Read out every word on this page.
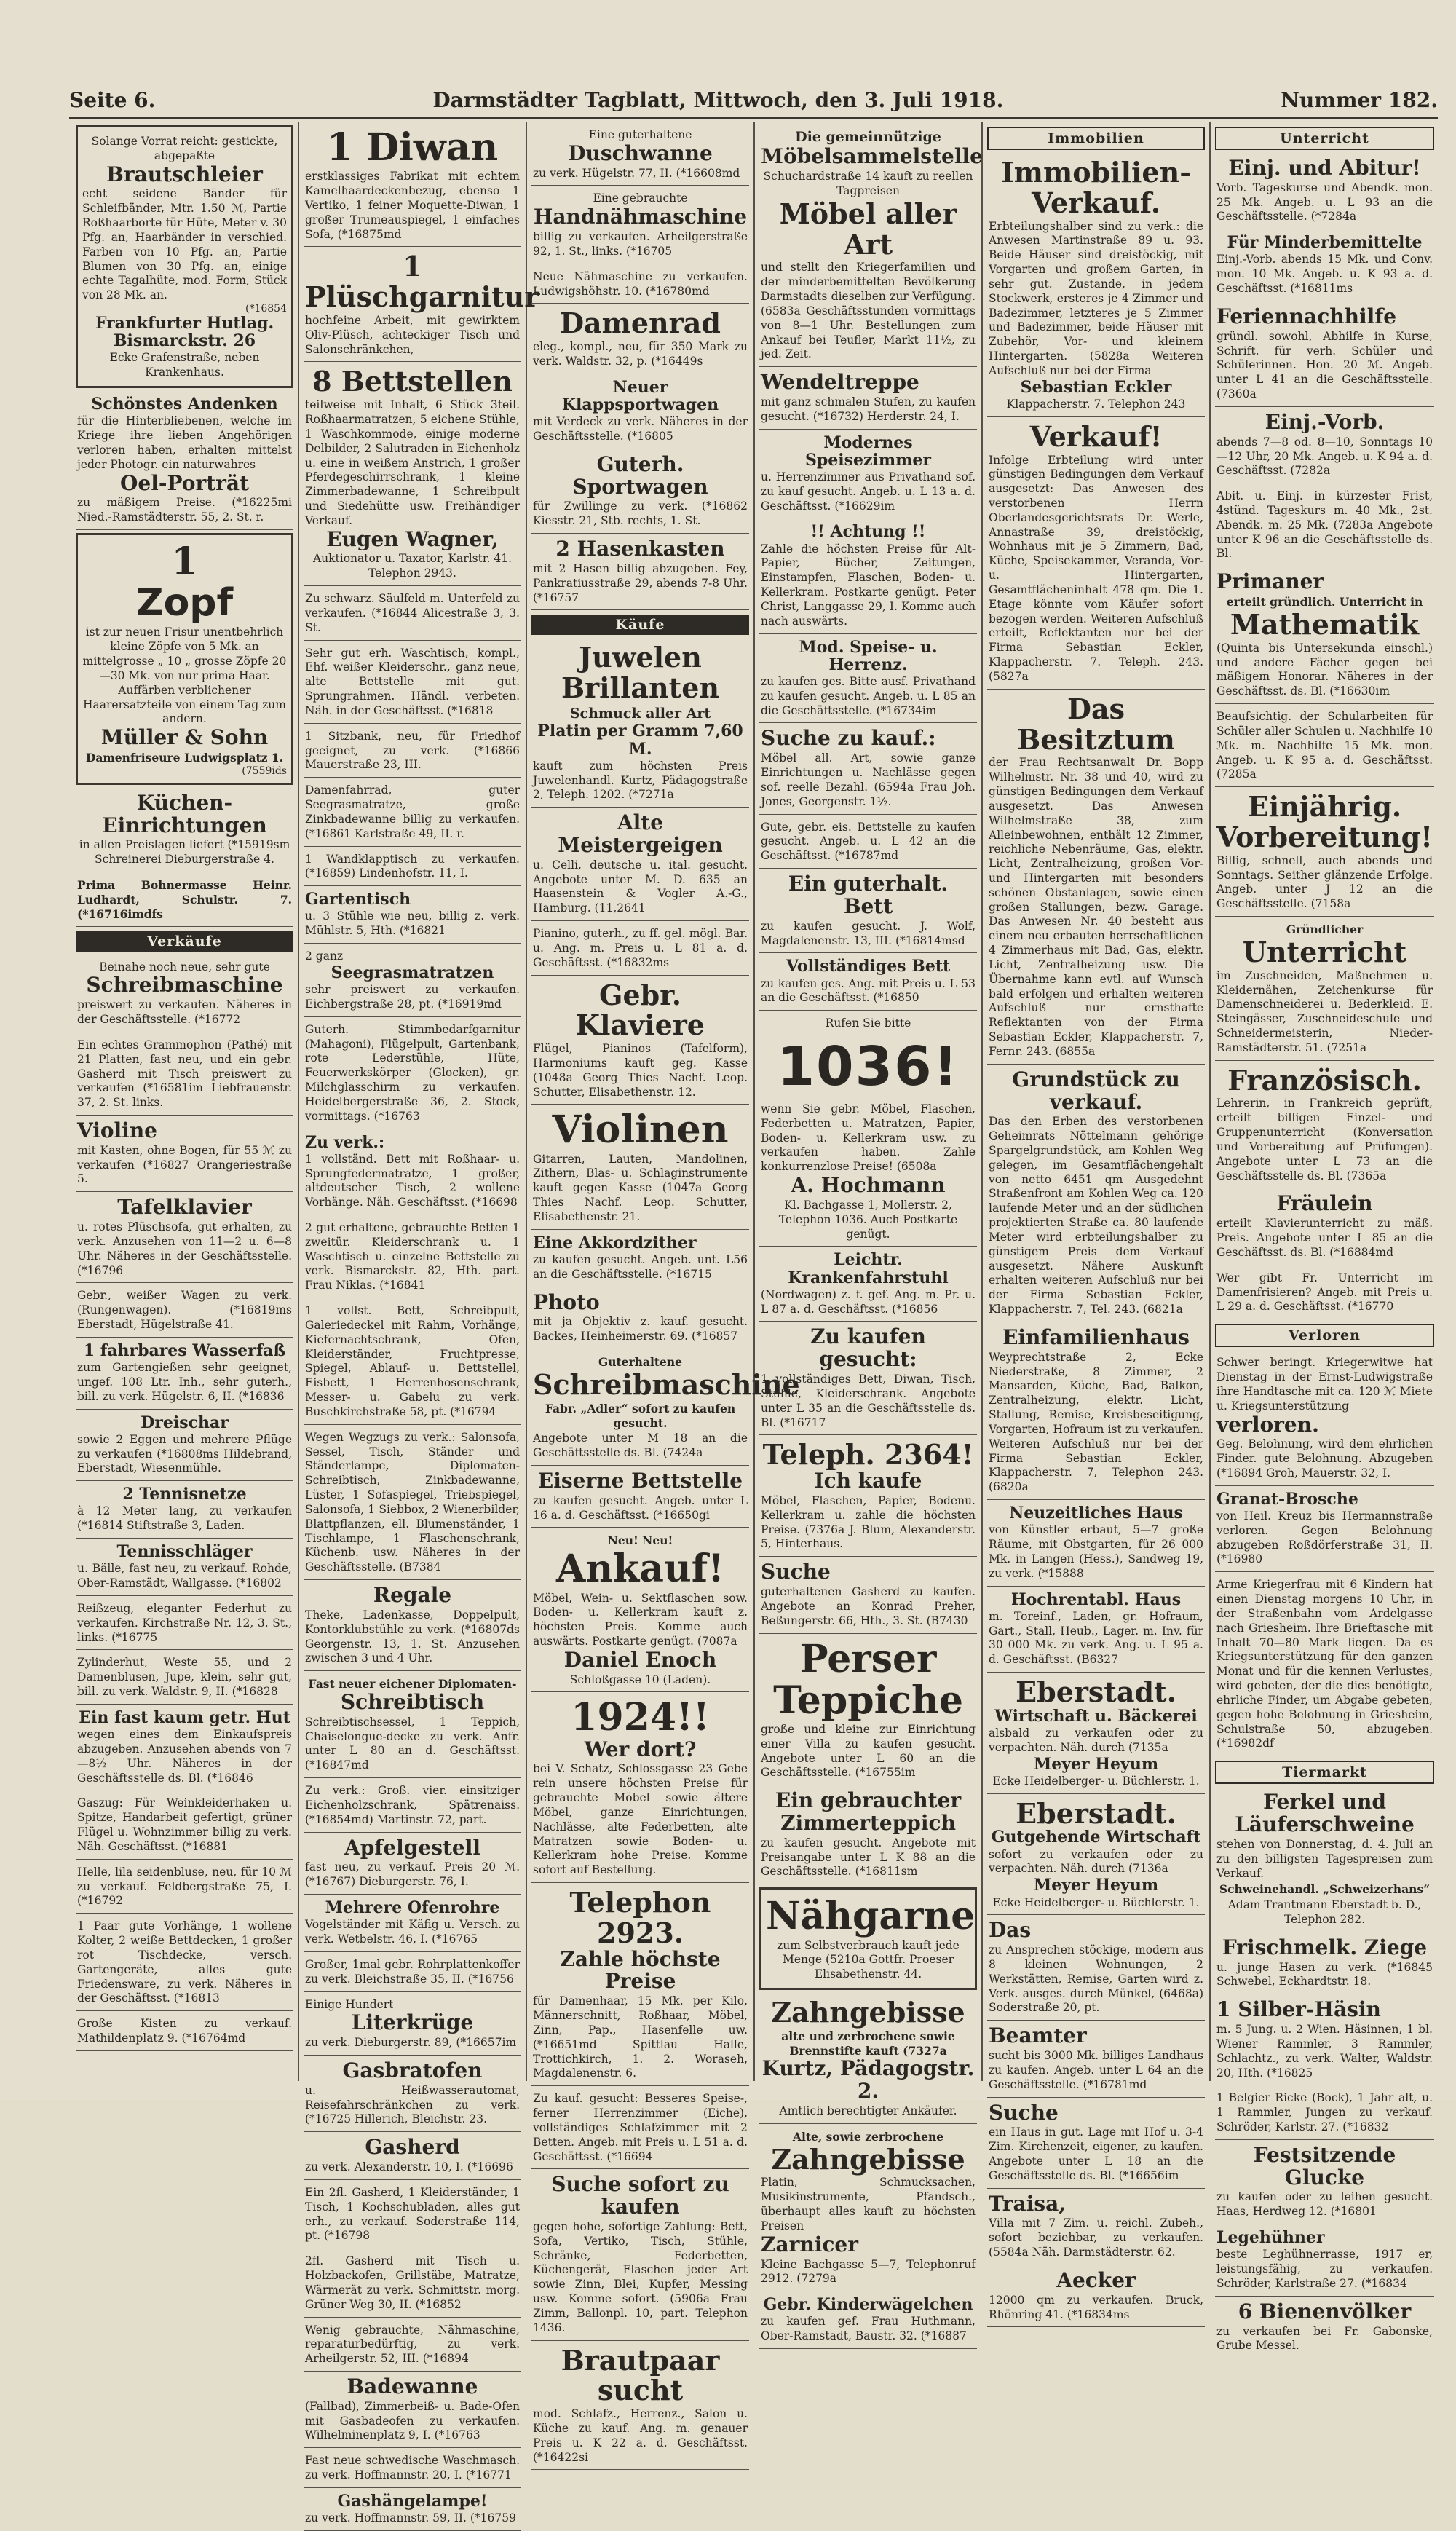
Seite 6.	Darmstädter Tagblatt, Mittwoch, den 3. Juli 1918.	Nummer 182.

Solange Vorrat reicht: gestickte, abgepaßte

Brautschleier

echt seidene Bänder für Schleifbänder, Mtr. 1.50 ℳ, Partie Roßhaarborte für Hüte, Meter v. 30 Pfg. an, Haarbänder in verschied. Farben von 10 Pfg. an, Partie Blumen von 30 Pfg. an, einige echte Tagalhüte, mod. Form, Stück von 28 Mk. an.

(*16854

Frankfurter Hutlag.

Bismarckstr. 26

Ecke Grafenstraße, neben Krankenhaus.

Schönstes Andenken

für die Hinterbliebenen, welche im Kriege ihre lieben Angehörigen verloren haben, erhalten mittelst jeder Photogr. ein naturwahres

Oel-Porträt

zu mäßigem Preise. (*16225mi Nied.-Ramstädterstr. 55, 2. St. r.

1

Zopf

ist zur neuen Frisur unentbehrlich kleine Zöpfe von 5 Mk. an mittelgrosse „ 10 „ grosse Zöpfe 20—30 Mk. von nur prima Haar. Auffärben verblichener Haarersatzteile von einem Tag zum andern.

Müller & Sohn

Damenfriseure Ludwigsplatz 1.

(7559ids

Küchen-Einrichtungen

in allen Preislagen liefert (*15919sm Schreinerei Dieburgerstraße 4.

Prima Bohnermasse Heinr. Ludhardt, Schulstr. 7. (*16716imdfs

Verkäufe

Beinahe noch neue, sehr gute

Schreibmaschine

preiswert zu verkaufen. Näheres in der Geschäftsstelle. (*16772

Ein echtes Grammophon (Pathé) mit 21 Platten, fast neu, und ein gebr. Gasherd mit Tisch preiswert zu verkaufen (*16581im Liebfrauenstr. 37, 2. St. links.

Violine

mit Kasten, ohne Bogen, für 55 ℳ zu verkaufen (*16827 Orangeriestraße 5.

Tafelklavier

u. rotes Plüschsofa, gut erhalten, zu verk. Anzusehen von 11—2 u. 6—8 Uhr. Näheres in der Geschäftsstelle. (*16796

Gebr., weißer Wagen zu verk. (Rungenwagen). (*16819ms Eberstadt, Hügelstraße 41.

1 fahrbares Wasserfaß

zum Gartengießen sehr geeignet, ungef. 108 Ltr. Inh., sehr guterh., bill. zu verk. Hügelstr. 6, II. (*16836

Dreischar

sowie 2 Eggen und mehrere Pflüge zu verkaufen (*16808ms Hildebrand, Eberstadt, Wiesenmühle.

2 Tennisnetze

à 12 Meter lang, zu verkaufen (*16814 Stiftstraße 3, Laden.

Tennisschläger

u. Bälle, fast neu, zu verkauf. Rohde, Ober-Ramstädt, Wallgasse. (*16802

Reißzeug, eleganter Federhut zu verkaufen. Kirchstraße Nr. 12, 3. St., links. (*16775

Zylinderhut, Weste 55, und 2 Damenblusen, Jupe, klein, sehr gut, bill. zu verk. Waldstr. 9, II. (*16828

Ein fast kaum getr. Hut

wegen eines dem Einkaufspreis abzugeben. Anzusehen abends von 7—8½ Uhr. Näheres in der Geschäftsstelle ds. Bl. (*16846

Gaszug: Für Weinkleiderhaken u. Spitze, Handarbeit gefertigt, grüner Flügel u. Wohnzimmer billig zu verk. Näh. Geschäftsst. (*16881

Helle, lila seidenbluse, neu, für 10 ℳ zu verkauf. Feldbergstraße 75, I. (*16792

1 Paar gute Vorhänge, 1 wollene Kolter, 2 weiße Bettdecken, 1 großer rot Tischdecke, versch. Gartengeräte, alles gute Friedensware, zu verk. Näheres in der Geschäftsst. (*16813

Große Kisten zu verkauf. Mathildenplatz 9. (*16764md

1 Diwan

erstklassiges Fabrikat mit echtem Kamelhaardeckenbezug, ebenso 1 Vertiko, 1 feiner Moquette-Diwan, 1 großer Trumeauspiegel, 1 einfaches Sofa, (*16875md

1 Plüschgarnitur

hochfeine Arbeit, mit gewirktem Oliv-Plüsch, achteckiger Tisch und Salonschränkchen,

8 Bettstellen

teilweise mit Inhalt, 6 Stück 3teil. Roßhaarmatratzen, 5 eichene Stühle, 1 Waschkommode, einige moderne Delbilder, 2 Salutraden in Eichenholz u. eine in weißem Anstrich, 1 großer Pferdegeschirrschrank, 1 kleine Zimmerbadewanne, 1 Schreibpult und Siedehütte usw. Freihändiger Verkauf.

Eugen Wagner,

Auktionator u. Taxator, Karlstr. 41. Telephon 2943.

Zu schwarz. Säulfeld m. Unterfeld zu verkaufen. (*16844 Alicestraße 3, 3. St.

Sehr gut erh. Waschtisch, kompl., Ehf. weißer Kleiderschr., ganz neue, alte Bettstelle mit gut. Sprungrahmen. Händl. verbeten. Näh. in der Geschäftsst. (*16818

1 Sitzbank, neu, für Friedhof geeignet, zu verk. (*16866 Mauerstraße 23, III.

Damenfahrrad, guter Seegrasmatratze, große Zinkbadewanne billig zu verkaufen. (*16861 Karlstraße 49, II. r.

1 Wandklapptisch zu verkaufen. (*16859) Lindenhofstr. 11, I.

Gartentisch

u. 3 Stühle wie neu, billig z. verk. Mühlstr. 5, Hth. (*16821

2 ganz

Seegrasmatratzen

sehr preiswert zu verkaufen. Eichbergstraße 28, pt. (*16919md

Guterh. Stimmbedarfgarnitur (Mahagoni), Flügelpult, Gartenbank, rote Lederstühle, Hüte, Feuerwerkskörper (Glocken), gr. Milchglasschirm zu verkaufen. Heidelbergerstraße 36, 2. Stock, vormittags. (*16763

Zu verk.:

1 vollständ. Bett mit Roßhaar- u. Sprungfedermatratze, 1 großer, altdeutscher Tisch, 2 wollene Vorhänge. Näh. Geschäftsst. (*16698

2 gut erhaltene, gebrauchte Betten 1 zweitür. Kleiderschrank u. 1 Waschtisch u. einzelne Bettstelle zu verk. Bismarckstr. 82, Hth. part. Frau Niklas. (*16841

1 vollst. Bett, Schreibpult, Galeriedeckel mit Rahm, Vorhänge, Kiefernachtschrank, Ofen, Kleiderständer, Fruchtpresse, Spiegel, Ablauf- u. Bettstellel, Eisbett, 1 Herrenhosenschrank, Messer- u. Gabelu zu verk. Buschkirchstraße 58, pt. (*16794

Wegen Wegzugs zu verk.: Salonsofa, Sessel, Tisch, Ständer und Ständerlampe, Diplomaten-Schreibtisch, Zinkbadewanne, Lüster, 1 Sofaspiegel, Triebspiegel, Salonsofa, 1 Siebbox, 2 Wienerbilder, Blattpflanzen, ell. Blumenständer, 1 Tischlampe, 1 Flaschenschrank, Küchenb. usw. Näheres in der Geschäftsstelle. (B7384

Regale

Theke, Ladenkasse, Doppelpult, Kontorklubstühle zu verk. (*16807ds Georgenstr. 13, 1. St. Anzusehen zwischen 3 und 4 Uhr.

Fast neuer eichener Diplomaten-

Schreibtisch

Schreibtischsessel, 1 Teppich, Chaiselongue-decke zu verk. Anfr. unter L 80 an d. Geschäftsst. (*16847md

Zu verk.: Groß. vier. einsitziger Eichenholzschrank, Spätrenaiss. (*16854md) Martinstr. 72, part.

Apfelgestell

fast neu, zu verkauf. Preis 20 ℳ. (*16767) Dieburgerstr. 76, I.

Mehrere Ofenrohre

Vogelständer mit Käfig u. Versch. zu verk. Wetbelstr. 46, I. (*16765

Großer, 1mal gebr. Rohrplattenkoffer zu verk. Bleichstraße 35, II. (*16756

Einige Hundert

Literkrüge

zu verk. Dieburgerstr. 89, (*16657im

Gasbratofen

u. Heißwasserautomat, Reisefahrschränkchen zu verk. (*16725 Hillerich, Bleichstr. 23.

Gasherd

zu verk. Alexanderstr. 10, I. (*16696

Ein 2fl. Gasherd, 1 Kleiderständer, 1 Tisch, 1 Kochschubladen, alles gut erh., zu verkauf. Soderstraße 114, pt. (*16798

2fl. Gasherd mit Tisch u. Holzbackofen, Grillstäbe, Matratze, Wärmerät zu verk. Schmittstr. morg. Grüner Weg 30, II. (*16852

Wenig gebrauchte, Nähmaschine, reparaturbedürftig, zu verk. Arheilgerstr. 52, III. (*16894

Badewanne

(Fallbad), Zimmerbeiß- u. Bade-Ofen mit Gasbadeofen zu verkaufen. Wilhelminenplatz 9, I. (*16763

Fast neue schwedische Waschmasch. zu verk. Hoffmannstr. 20, I. (*16771

Gashängelampe!

zu verk. Hoffmannstr. 59, II. (*16759

Eine guterhaltene

Duschwanne

zu verk. Hügelstr. 77, II. (*16608md

Eine gebrauchte

Handnähmaschine

billig zu verkaufen. Arheilgerstraße 92, 1. St., links. (*16705

Neue Nähmaschine zu verkaufen. Ludwigshöhstr. 10. (*16780md

Damenrad

eleg., kompl., neu, für 350 Mark zu verk. Waldstr. 32, p. (*16449s

Neuer Klappsportwagen

mit Verdeck zu verk. Näheres in der Geschäftsstelle. (*16805

Guterh. Sportwagen

für Zwillinge zu verk. (*16862 Kiesstr. 21, Stb. rechts, 1. St.

2 Hasenkasten

mit 2 Hasen billig abzugeben. Fey, Pankratiusstraße 29, abends 7-8 Uhr. (*16757

Käufe

Juwelen Brillanten

Schmuck aller Art

Platin per Gramm 7,60 M.

kauft zum höchsten Preis Juwelenhandl. Kurtz, Pädagogstraße 2, Teleph. 1202. (*7271a

Alte Meistergeigen

u. Celli, deutsche u. ital. gesucht. Angebote unter M. D. 635 an Haasenstein & Vogler A.-G., Hamburg. (11,2641

Pianino, guterh., zu ff. gel. mögl. Bar. u. Ang. m. Preis u. L 81 a. d. Geschäftsst. (*16832ms

Gebr. Klaviere

Flügel, Pianinos (Tafelform), Harmoniums kauft geg. Kasse (1048a Georg Thies Nachf. Leop. Schutter, Elisabethenstr. 12.

Violinen

Gitarren, Lauten, Mandolinen, Zithern, Blas- u. Schlaginstrumente kauft gegen Kasse (1047a Georg Thies Nachf. Leop. Schutter, Elisabethenstr. 21.

Eine Akkordzither

zu kaufen gesucht. Angeb. unt. L56 an die Geschäftsstelle. (*16715

Photo

mit ja Objektiv z. kauf. gesucht. Backes, Heinheimerstr. 69. (*16857

Guterhaltene

Schreibmaschine

Fabr. „Adler“ sofort zu kaufen gesucht.

Angebote unter M 18 an die Geschäftsstelle ds. Bl. (7424a

Eiserne Bettstelle

zu kaufen gesucht. Angeb. unter L 16 a. d. Geschäftsst. (*16650gi

Neu! Neu!

Ankauf!

Möbel, Wein- u. Sektflaschen sow. Boden- u. Kellerkram kauft z. höchsten Preis. Komme auch auswärts. Postkarte genügt. (7087a

Daniel Enoch

Schloßgasse 10 (Laden).

1924!!

Wer dort?

bei V. Schatz, Schlossgasse 23 Gebe rein unsere höchsten Preise für gebrauchte Möbel sowie ältere Möbel, ganze Einrichtungen, Nachlässe, alte Federbetten, alte Matratzen sowie Boden- u. Kellerkram hohe Preise. Komme sofort auf Bestellung.

Telephon 2923.

Zahle höchste Preise

für Damenhaar, 15 Mk. per Kilo, Männerschnitt, Roßhaar, Möbel, Zinn, Pap., Hasenfelle uw. (*16651md Spittlau Halle, Trottichkirch, 1. 2. Woraseh, Magdalenenstr. 6.

Zu kauf. gesucht: Besseres Speise-, ferner Herrenzimmer (Eiche), vollständiges Schlafzimmer mit 2 Betten. Angeb. mit Preis u. L 51 a. d. Geschäftsst. (*16694

Suche sofort zu kaufen

gegen hohe, sofortige Zahlung: Bett, Sofa, Vertiko, Tisch, Stühle, Schränke, Federbetten, Küchengerät, Flaschen jeder Art sowie Zinn, Blei, Kupfer, Messing usw. Komme sofort. (5906a Frau Zimm, Ballonpl. 10, part. Telephon 1436.

Brautpaar sucht

mod. Schlafz., Herrenz., Salon u. Küche zu kauf. Ang. m. genauer Preis u. K 22 a. d. Geschäftsst. (*16422si

Die gemeinnützige

Möbelsammelstelle

Schuchardstraße 14 kauft zu reellen Tagpreisen

Möbel aller Art

und stellt den Kriegerfamilien und der minderbemittelten Bevölkerung Darmstadts dieselben zur Verfügung. (6583a Geschäftsstunden vormittags von 8—1 Uhr. Bestellungen zum Ankauf bei Teufler, Markt 11½, zu jed. Zeit.

Wendeltreppe

mit ganz schmalen Stufen, zu kaufen gesucht. (*16732) Herderstr. 24, I.

Modernes Speisezimmer

u. Herrenzimmer aus Privathand sof. zu kauf gesucht. Angeb. u. L 13 a. d. Geschäftsst. (*16629im

!! Achtung !!

Zahle die höchsten Preise für Alt-Papier, Bücher, Zeitungen, Einstampfen, Flaschen, Boden- u. Kellerkram. Postkarte genügt. Peter Christ, Langgasse 29, I. Komme auch nach auswärts.

Mod. Speise- u. Herrenz.

zu kaufen ges. Bitte ausf. Privathand zu kaufen gesucht. Angeb. u. L 85 an die Geschäftsstelle. (*16734im

Suche zu kauf.:

Möbel all. Art, sowie ganze Einrichtungen u. Nachlässe gegen sof. reelle Bezahl. (6594a Frau Joh. Jones, Georgenstr. 1½.

Gute, gebr. eis. Bettstelle zu kaufen gesucht. Angeb. u. L 42 an die Geschäftsst. (*16787md

Ein guterhalt. Bett

zu kaufen gesucht. J. Wolf, Magdalenenstr. 13, III. (*16814msd

Vollständiges Bett

zu kaufen ges. Ang. mit Preis u. L 53 an die Geschäftsst. (*16850

Rufen Sie bitte

1036!

wenn Sie gebr. Möbel, Flaschen, Federbetten u. Matratzen, Papier, Boden- u. Kellerkram usw. zu verkaufen haben. Zahle konkurrenzlose Preise! (6508a

A. Hochmann

Kl. Bachgasse 1, Mollerstr. 2, Telephon 1036. Auch Postkarte genügt.

Leichtr. Krankenfahrstuhl

(Nordwagen) z. f. gef. Ang. m. Pr. u. L 87 a. d. Geschäftsst. (*16856

Zu kaufen gesucht:

1 vollständiges Bett, Diwan, Tisch, Stühle, Kleiderschrank. Angebote unter L 35 an die Geschäftsstelle ds. Bl. (*16717

Teleph. 2364!

Ich kaufe

Möbel, Flaschen, Papier, Bodenu. Kellerkram u. zahle die höchsten Preise. (7376a J. Blum, Alexanderstr. 5, Hinterhaus.

Suche

guterhaltenen Gasherd zu kaufen. Angebote an Konrad Preher, Beßungerstr. 66, Hth., 3. St. (B7430

Perser Teppiche

große und kleine zur Einrichtung einer Villa zu kaufen gesucht. Angebote unter L 60 an die Geschäftsstelle. (*16755im

Ein gebrauchter Zimmerteppich

zu kaufen gesucht. Angebote mit Preisangabe unter L K 88 an die Geschäftsstelle. (*16811sm

Nähgarne

zum Selbstverbrauch kauft jede Menge (5210a Gottfr. Proeser Elisabethenstr. 44.

Zahngebisse

alte und zerbrochene sowie Brennstifte kauft (7327a

Kurtz, Pädagogstr. 2.

Amtlich berechtigter Ankäufer.

Alte, sowie zerbrochene

Zahngebisse

Platin, Schmucksachen, Musikinstrumente, Pfandsch., überhaupt alles kauft zu höchsten Preisen

Zarnicer

Kleine Bachgasse 5—7, Telephonruf 2912. (7279a

Gebr. Kinderwägelchen

zu kaufen gef. Frau Huthmann, Ober-Ramstadt, Baustr. 32. (*16887

Immobilien

Immobilien-Verkauf.

Erbteilungshalber sind zu verk.: die Anwesen Martinstraße 89 u. 93. Beide Häuser sind dreistöckig, mit Vorgarten und großem Garten, in sehr gut. Zustande, in jedem Stockwerk, ersteres je 4 Zimmer und Badezimmer, letzteres je 5 Zimmer und Badezimmer, beide Häuser mit Zubehör, Vor- und kleinem Hintergarten. (5828a Weiteren Aufschluß nur bei der Firma

Sebastian Eckler

Klappacherstr. 7. Telephon 243

Verkauf!

Infolge Erbteilung wird unter günstigen Bedingungen dem Verkauf ausgesetzt: Das Anwesen des verstorbenen Herrn Oberlandesgerichtsrats Dr. Werle, Annastraße 39, dreistöckig, Wohnhaus mit je 5 Zimmern, Bad, Küche, Speisekammer, Veranda, Vor- u. Hintergarten, Gesamtflächeninhalt 478 qm. Die 1. Etage könnte vom Käufer sofort bezogen werden. Weiteren Aufschluß erteilt, Reflektanten nur bei der Firma Sebastian Eckler, Klappacherstr. 7. Teleph. 243. (5827a

Das Besitztum

der Frau Rechtsanwalt Dr. Bopp Wilhelmstr. Nr. 38 und 40, wird zu günstigen Bedingungen dem Verkauf ausgesetzt. Das Anwesen Wilhelmstraße 38, zum Alleinbewohnen, enthält 12 Zimmer, reichliche Nebenräume, Gas, elektr. Licht, Zentralheizung, großen Vor- und Hintergarten mit besonders schönen Obstanlagen, sowie einen großen Stallungen, bezw. Garage. Das Anwesen Nr. 40 besteht aus einem neu erbauten herrschaftlichen 4 Zimmerhaus mit Bad, Gas, elektr. Licht, Zentralheizung usw. Die Übernahme kann evtl. auf Wunsch bald erfolgen und erhalten weiteren Aufschluß nur ernsthafte Reflektanten von der Firma Sebastian Eckler, Klappacherstr. 7, Fernr. 243. (6855a

Grundstück zu verkauf.

Das den Erben des verstorbenen Geheimrats Nöttelmann gehörige Spargelgrundstück, am Kohlen Weg gelegen, im Gesamtflächengehalt von netto 6451 qm Ausgedehnt Straßenfront am Kohlen Weg ca. 120 laufende Meter und an der südlichen projektierten Straße ca. 80 laufende Meter wird erbteilungshalber zu günstigem Preis dem Verkauf ausgesetzt. Nähere Auskunft erhalten weiteren Aufschluß nur bei der Firma Sebastian Eckler, Klappacherstr. 7, Tel. 243. (6821a

Einfamilienhaus

Weyprechtstraße 2, Ecke Niederstraße, 8 Zimmer, 2 Mansarden, Küche, Bad, Balkon, Zentralheizung, elektr. Licht, Stallung, Remise, Kreisbeseitigung, Vorgarten, Hofraum ist zu verkaufen. Weiteren Aufschluß nur bei der Firma Sebastian Eckler, Klappacherstr. 7, Telephon 243. (6820a

Neuzeitliches Haus

von Künstler erbaut, 5—7 große Räume, mit Obstgarten, für 26 000 Mk. in Langen (Hess.), Sandweg 19, zu verk. (*15888

Hochrentabl. Haus

m. Toreinf., Laden, gr. Hofraum, Gart., Stall, Heub., Lager. m. Inv. für 30 000 Mk. zu verk. Ang. u. L 95 a. d. Geschäftsst. (B6327

Eberstadt.

Wirtschaft u. Bäckerei

alsbald zu verkaufen oder zu verpachten. Näh. durch (7135a

Meyer Heyum

Ecke Heidelberger- u. Büchlerstr. 1.

Eberstadt.

Gutgehende Wirtschaft

sofort zu verkaufen oder zu verpachten. Näh. durch (7136a

Meyer Heyum

Ecke Heidelberger- u. Büchlerstr. 1.

Das

zu Ansprechen stöckige, modern aus 8 kleinen Wohnungen, 2 Werkstätten, Remise, Garten wird z. Verk. ausges. durch Münkel, (6468a) Soderstraße 20, pt.

Beamter

sucht bis 3000 Mk. billiges Landhaus zu kaufen. Angeb. unter L 64 an die Geschäftsstelle. (*16781md

Suche

ein Haus in gut. Lage mit Hof u. 3-4 Zim. Kirchenzeit, eigener, zu kaufen. Angebote unter L 18 an die Geschäftsstelle ds. Bl. (*16656im

Traisa,

Villa mit 7 Zim. u. reichl. Zubeh., sofort beziehbar, zu verkaufen. (5584a Näh. Darmstädterstr. 62.

Aecker

12000 qm zu verkaufen. Bruck, Rhönring 41. (*16834ms

Unterricht

Einj. und Abitur!

Vorb. Tageskurse und Abendk. mon. 25 Mk. Angeb. u. L 93 an die Geschäftsstelle. (*7284a

Für Minderbemittelte

Einj.-Vorb. abends 15 Mk. und Conv. mon. 10 Mk. Angeb. u. K 93 a. d. Geschäftsst. (*16811ms

Feriennachhilfe

gründl. sowohl, Abhilfe in Kurse, Schrift. für verh. Schüler und Schülerinnen. Hon. 20 ℳ. Angeb. unter L 41 an die Geschäftsstelle. (7360a

Einj.-Vorb.

abends 7—8 od. 8—10, Sonntags 10—12 Uhr, 20 Mk. Angeb. u. K 94 a. d. Geschäftsst. (7282a

Abit. u. Einj. in kürzester Frist, 4stünd. Tageskurs m. 40 Mk., 2st. Abendk. m. 25 Mk. (7283a Angebote unter K 96 an die Geschäftsstelle ds. Bl.

Primaner

erteilt gründlich. Unterricht in

Mathematik

(Quinta bis Untersekunda einschl.) und andere Fächer gegen bei mäßigem Honorar. Näheres in der Geschäftsst. ds. Bl. (*16630im

Beaufsichtig. der Schularbeiten für Schüler aller Schulen u. Nachhilfe 10 ℳk. m. Nachhilfe 15 Mk. mon. Angeb. u. K 95 a. d. Geschäftsst. (7285a

Einjährig. Vorbereitung!

Billig, schnell, auch abends und Sonntags. Seither glänzende Erfolge. Angeb. unter J 12 an die Geschäftsstelle. (7158a

Gründlicher

Unterricht

im Zuschneiden, Maßnehmen u. Kleidernähen, Zeichenkurse für Damenschneiderei u. Bederkleid. E. Steingässer, Zuschneideschule und Schneidermeisterin, Nieder-Ramstädterstr. 51. (7251a

Französisch.

Lehrerin, in Frankreich geprüft, erteilt billigen Einzel- und Gruppenunterricht (Konversation und Vorbereitung auf Prüfungen). Angebote unter L 73 an die Geschäftsstelle ds. Bl. (7365a

Fräulein

erteilt Klavierunterricht zu mäß. Preis. Angebote unter L 85 an die Geschäftsst. ds. Bl. (*16884md

Wer gibt Fr. Unterricht im Damenfrisieren? Angeb. mit Preis u. L 29 a. d. Geschäftsst. (*16770

Verloren

Schwer beringt. Kriegerwitwe hat Dienstag in der Ernst-Ludwigstraße ihre Handtasche mit ca. 120 ℳ Miete u. Kriegsunterstützung

verloren.

Geg. Belohnung, wird dem ehrlichen Finder. gute Belohnung. Abzugeben (*16894 Groh, Mauerstr. 32, I.

Granat-Brosche

von Heil. Kreuz bis Hermannstraße verloren. Gegen Belohnung abzugeben Roßdörferstraße 31, II. (*16980

Arme Kriegerfrau mit 6 Kindern hat einen Dienstag morgens 10 Uhr, in der Straßenbahn vom Ardelgasse nach Griesheim. Ihre Brieftasche mit Inhalt 70—80 Mark liegen. Da es Kriegsunterstützung für den ganzen Monat und für die kennen Verlustes, wird gebeten, der die dies benötigte, ehrliche Finder, um Abgabe gebeten, gegen hohe Belohnung in Griesheim, Schulstraße 50, abzugeben. (*16982df

Tiermarkt

Ferkel und Läuferschweine

stehen von Donnerstag, d. 4. Juli an zu den billigsten Tagespreisen zum Verkauf.

Schweinehandl. „Schweizerhans“

Adam Trantmann Eberstadt b. D., Telephon 282.

Frischmelk. Ziege

u. junge Hasen zu verk. (*16845 Schwebel, Eckhardtstr. 18.

1 Silber-Häsin

m. 5 Jung. u. 2 Wien. Häsinnen, 1 bl. Wiener Rammler, 3 Rammler, Schlachtz., zu verk. Walter, Waldstr. 20, Hth. (*16825

1 Belgier Ricke (Bock), 1 Jahr alt, u. 1 Rammler, Jungen zu verkauf. Schröder, Karlstr. 27. (*16832

Festsitzende Glucke

zu kaufen oder zu leihen gesucht. Haas, Herdweg 12. (*16801

Legehühner

beste Leghühnerrasse, 1917 er, leistungsfähig, zu verkaufen. Schröder, Karlstraße 27. (*16834

6 Bienenvölker

zu verkaufen bei Fr. Gabonske, Grube Messel.
